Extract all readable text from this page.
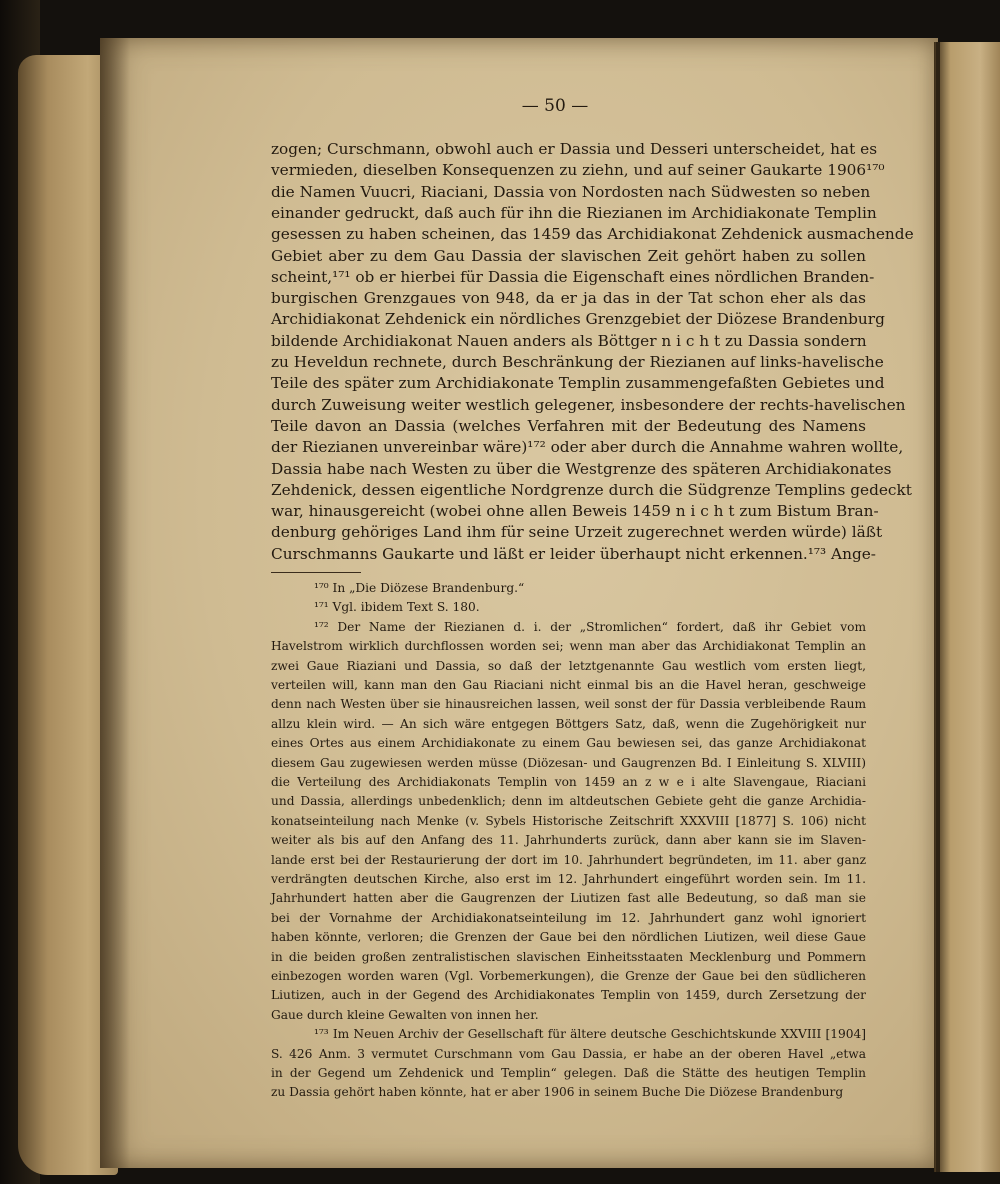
— 50 —
zogen; Curschmann, obwohl auch er Dassia und Desseri unterscheidet, hat es
vermieden, dieselben Konsequenzen zu ziehn, und auf seiner Gaukarte 1906¹⁷⁰
die Namen Vuucri, Riaciani, Dassia von Nordosten nach Südwesten so neben
einander gedruckt, daß auch für ihn die Riezianen im Archidiakonate Templin
gesessen zu haben scheinen, das 1459 das Archidiakonat Zehdenick ausmachende
Gebiet aber zu dem Gau Dassia der slavischen Zeit gehört haben zu sollen
scheint,¹⁷¹ ob er hierbei für Dassia die Eigenschaft eines nördlichen Branden-
burgischen Grenzgaues von 948, da er ja das in der Tat schon eher als das
Archidiakonat Zehdenick ein nördliches Grenzgebiet der Diözese Brandenburg
bildende Archidiakonat Nauen anders als Böttger n i c h t zu Dassia sondern
zu Heveldun rechnete, durch Beschränkung der Riezianen auf links-havelische
Teile des später zum Archidiakonate Templin zusammengefaßten Gebietes und
durch Zuweisung weiter westlich gelegener, insbesondere der rechts-havelischen
Teile davon an Dassia (welches Verfahren mit der Bedeutung des Namens
der Riezianen unvereinbar wäre)¹⁷² oder aber durch die Annahme wahren wollte,
Dassia habe nach Westen zu über die Westgrenze des späteren Archidiakonates
Zehdenick, dessen eigentliche Nordgrenze durch die Südgrenze Templins gedeckt
war, hinausgereicht (wobei ohne allen Beweis 1459 n i c h t zum Bistum Bran-
denburg gehöriges Land ihm für seine Urzeit zugerechnet werden würde) läßt
Curschmanns Gaukarte und läßt er leider überhaupt nicht erkennen.¹⁷³ Ange-
¹⁷⁰ In „Die Diözese Brandenburg.“
¹⁷¹ Vgl. ibidem Text S. 180.
¹⁷² Der Name der Riezianen d. i. der „Stromlichen“ fordert, daß ihr Gebiet vom
Havelstrom wirklich durchflossen worden sei; wenn man aber das Archidiakonat Templin an
zwei Gaue Riaziani und Dassia, so daß der letztgenannte Gau westlich vom ersten liegt,
verteilen will, kann man den Gau Riaciani nicht einmal bis an die Havel heran, geschweige
denn nach Westen über sie hinausreichen lassen, weil sonst der für Dassia verbleibende Raum
allzu klein wird. — An sich wäre entgegen Böttgers Satz, daß, wenn die Zugehörigkeit nur
eines Ortes aus einem Archidiakonate zu einem Gau bewiesen sei, das ganze Archidiakonat
diesem Gau zugewiesen werden müsse (Diözesan- und Gaugrenzen Bd. I Einleitung S. XLVIII)
die Verteilung des Archidiakonats Templin von 1459 an z w e i alte Slavengaue, Riaciani
und Dassia, allerdings unbedenklich; denn im altdeutschen Gebiete geht die ganze Archidia-
konatseinteilung nach Menke (v. Sybels Historische Zeitschrift XXXVIII [1877] S. 106) nicht
weiter als bis auf den Anfang des 11. Jahrhunderts zurück, dann aber kann sie im Slaven-
lande erst bei der Restaurierung der dort im 10. Jahrhundert begründeten, im 11. aber ganz
verdrängten deutschen Kirche, also erst im 12. Jahrhundert eingeführt worden sein. Im 11.
Jahrhundert hatten aber die Gaugrenzen der Liutizen fast alle Bedeutung, so daß man sie
bei der Vornahme der Archidiakonatseinteilung im 12. Jahrhundert ganz wohl ignoriert
haben könnte, verloren; die Grenzen der Gaue bei den nördlichen Liutizen, weil diese Gaue
in die beiden großen zentralistischen slavischen Einheitsstaaten Mecklenburg und Pommern
einbezogen worden waren (Vgl. Vorbemerkungen), die Grenze der Gaue bei den südlicheren
Liutizen, auch in der Gegend des Archidiakonates Templin von 1459, durch Zersetzung der
Gaue durch kleine Gewalten von innen her.
¹⁷³ Im Neuen Archiv der Gesellschaft für ältere deutsche Geschichtskunde XXVIII [1904]
S. 426 Anm. 3 vermutet Curschmann vom Gau Dassia, er habe an der oberen Havel „etwa
in der Gegend um Zehdenick und Templin“ gelegen. Daß die Stätte des heutigen Templin
zu Dassia gehört haben könnte, hat er aber 1906 in seinem Buche Die Diözese Brandenburg
